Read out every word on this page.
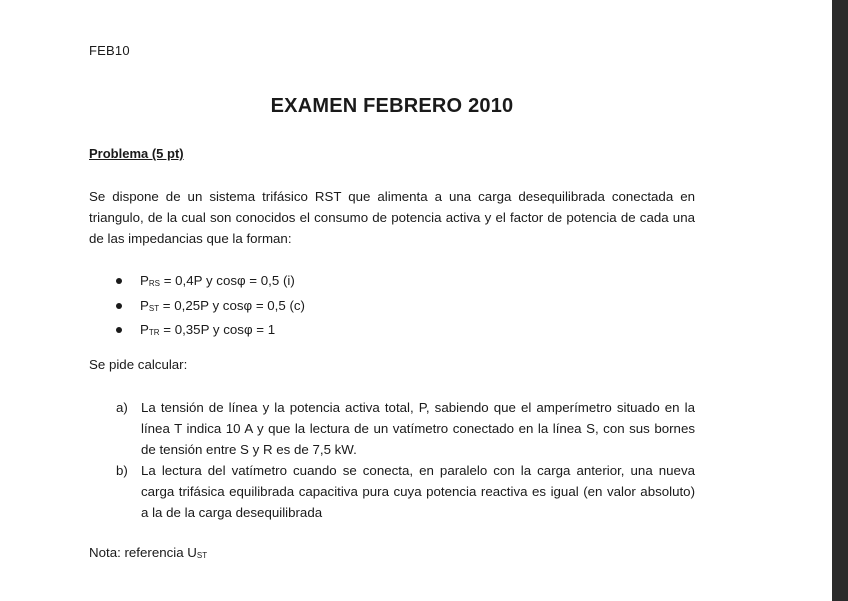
FEB10
EXAMEN FEBRERO 2010
Problema (5 pt)

Se dispone de un sistema trifásico RST que alimenta a una carga desequilibrada conectada en triangulo, de la cual son conocidos el consumo de potencia activa y el factor de potencia de cada una de las impedancias que la forman:

$P_{RS} = 0,4P$ y cosφ = 0,5 (i)
$P_{ST} = 0,25P$ y cosφ = 0,5 (c)
$P_{TR} = 0,35P$ y cosφ = 1
Se pide calcular:
a) La tensión de línea y la potencia activa total, P, sabiendo que el amperímetro situado en la línea T indica 10 A y que la lectura de un vatímetro conectado en la línea S, con sus bornes de tensión entre S y R es de 7,5 kW.
b) La lectura del vatímetro cuando se conecta, en paralelo con la carga anterior, una nueva carga trifásica equilibrada capacitiva pura cuya potencia reactiva es igual (en valor absoluto) a la de la carga desequilibrada
Nota: referencia $U_{ST}$
